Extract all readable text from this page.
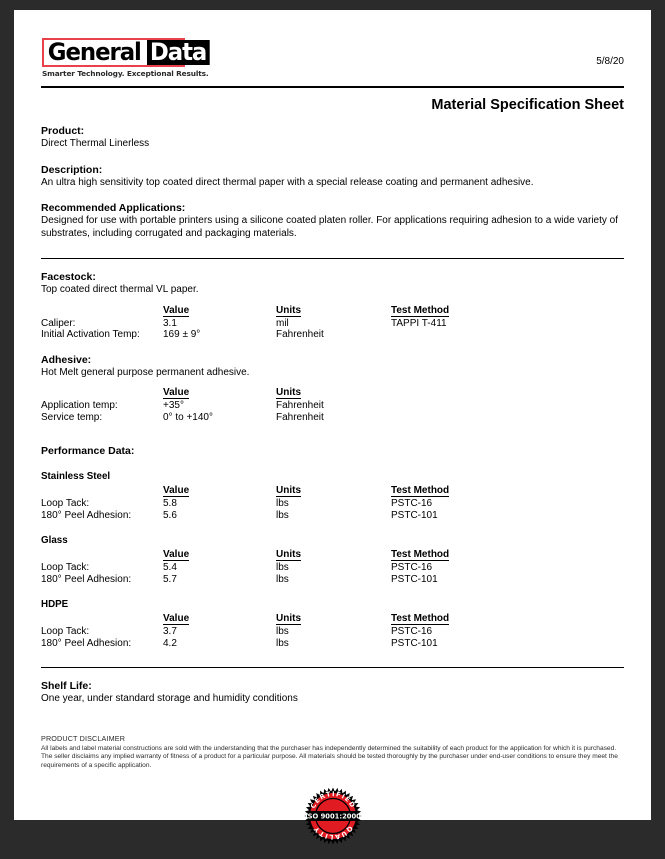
General Data
Smarter Technology. Exceptional Results.
5/8/20
Material Specification Sheet
Product:
Direct Thermal Linerless
Description:
An ultra high sensitivity top coated direct thermal paper with a special release coating and permanent adhesive.
Recommended Applications:
Designed for use with portable printers using a silicone coated platen roller. For applications requiring adhesion to a wide variety of substrates, including corrugated and packaging materials.
Facestock:
Top coated direct thermal VL paper.
	Value	Units	Test Method
Caliper:	3.1	mil	TAPPI T-411
Initial Activation Temp:	169 ± 9°	Fahrenheit	
Adhesive:
Hot Melt general purpose permanent adhesive.
	Value	Units	
Application temp:	+35°	Fahrenheit	
Service temp:	0° to +140°	Fahrenheit	
Performance Data:
Stainless Steel
	Value	Units	Test Method
Loop Tack:	5.8	lbs	PSTC-16
180° Peel Adhesion:	5.6	lbs	PSTC-101
Glass
	Value	Units	Test Method
Loop Tack:	5.4	lbs	PSTC-16
180° Peel Adhesion:	5.7	lbs	PSTC-101
HDPE
	Value	Units	Test Method
Loop Tack:	3.7	lbs	PSTC-16
180° Peel Adhesion:	4.2	lbs	PSTC-101
Shelf Life:
One year, under standard storage and humidity conditions
PRODUCT DISCLAIMER
All labels and label material constructions are sold with the understanding that the purchaser has independently determined the suitability of each product for the application for which it is purchased. The seller disclaims any implied warranty of fitness of a product for a particular purpose. All materials should be tested thoroughly by the purchaser under end-user conditions to ensure they meet the requirements of a specific application.
ISO 9001:2000
CERTIFIED
QUALITY
